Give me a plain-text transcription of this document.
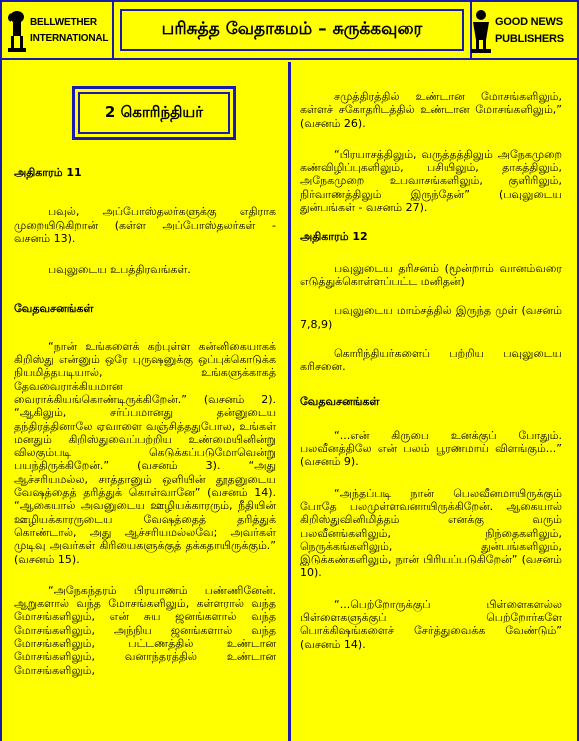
BELLWETHER
INTERNATIONAL	பரிசுத்த வேதாகமம் – சுருக்கவுரை	GOOD NEWS
PUBLISHERS
2 கொரிந்தியர்
அதிகாரம் 11

பவுல், அப்போஸ்தலர்களுக்கு எதிராக முறையிடுகிறான் (கள்ள அப்போஸ்தலர்கள் - வசனம் 13).

பவுலுடைய உபத்திரவங்கள்.

வேதவசனங்கள்

“நான் உங்களைக் கற்புள்ள கன்னிகையாகக் கிறிஸ்து என்னும் ஒரே புருஷனுக்கு ஒப்புக்கொடுக்க நியமித்தபடியால், உங்களுக்காகத் தேவவைராக்கியமான வைராக்கியங்கொண்டிருக்கிறேன்.” (வசனம் 2). “ஆகிலும், சர்ப்பமானது தன்னுடைய தந்திரத்தினாலே ஏவாளை வஞ்சித்ததுபோல, உங்கள் மனதும் கிறிஸ்துவைப்பற்றிய உண்மையினின்று விலகும்படி கெடுக்கப்படுமோவென்று பயந்திருக்கிறேன்.” (வசனம் 3). “அது ஆச்சரியமல்ல, சாத்தானும் ஒளியின் தூதனுடைய வேஷத்தைத் தரித்துக் கொள்வானே” (வசனம் 14). “ஆகையால் அவனுடைய ஊழியக்காரரும், நீதியின் ஊழியக்காரருடைய வேஷத்தைத் தரித்துக் கொண்டால், அது ஆச்சரியமல்லவே; அவர்கள் முடிவு அவர்கள் கிரியைகளுக்குத் தக்கதாயிருக்கும்.” (வசனம் 15).

“அநேகந்தரம் பிரயாணம் பண்ணினேன். ஆறுகளால் வந்த மோசங்களிலும், கள்ளரால் வந்த மோசங்களிலும், என் சுய ஜனங்களால் வந்த மோசங்களிலும், அந்நிய ஜனங்களால் வந்த மோசங்களிலும், பட்டணத்தில் உண்டான மோசங்களிலும், வனாந்தரத்தில் உண்டான மோசங்களிலும்,

சமுத்திரத்தில் உண்டான மோசங்களிலும், கள்ளச் சகோதரிடத்தில் உண்டான மோசங்களிலும்,” (வசனம் 26).

“பிரயாசத்திலும், வருத்தத்திலும் அநேகமுறை கண்விழிப்புகளிலும், பசியிலும், தாகத்திலும், அநேகமுறை உபவாசங்களிலும், குளிரிலும், நிர்வாணத்திலும் இருந்தேன்” (பவுலுடைய துன்பங்கள் - வசனம் 27).

அதிகாரம் 12

பவுலுடைய தரிசனம் (மூன்றாம் வானம்வரை எடுத்துக்கொள்ளப்பட்ட மனிதன்)

பவுலுடைய மாம்சத்தில் இருந்த முள் (வசனம் 7,8,9)

கொரிந்தியர்களைப் பற்றிய பவுலுடைய கரிசனை.

வேதவசனங்கள்

“...என் கிருபை உனக்குப் போதும். பலவீனத்திலே என் பலம் பூரணமாய் விளங்கும்...” (வசனம் 9).

“அந்தப்படி நான் பெலவீனமாயிருக்கும் போதே பலமுள்ளவனாயிருக்கிறேன். ஆகையால் கிறிஸ்துவினிமித்தம் எனக்கு வரும் பலவீனங்களிலும், நிந்தைகளிலும், நெருக்கங்களிலும், துன்பங்களிலும், இடுக்கண்களிலும், நான் பிரியப்படுகிறேன்” (வசனம் 10).

“...பெற்றோருக்குப் பிள்ளைகளல்ல பிள்ளைகளுக்குப் பெற்றோர்களே பொக்கிஷங்களைச் சேர்த்துவைக்க வேண்டும்” (வசனம் 14).
